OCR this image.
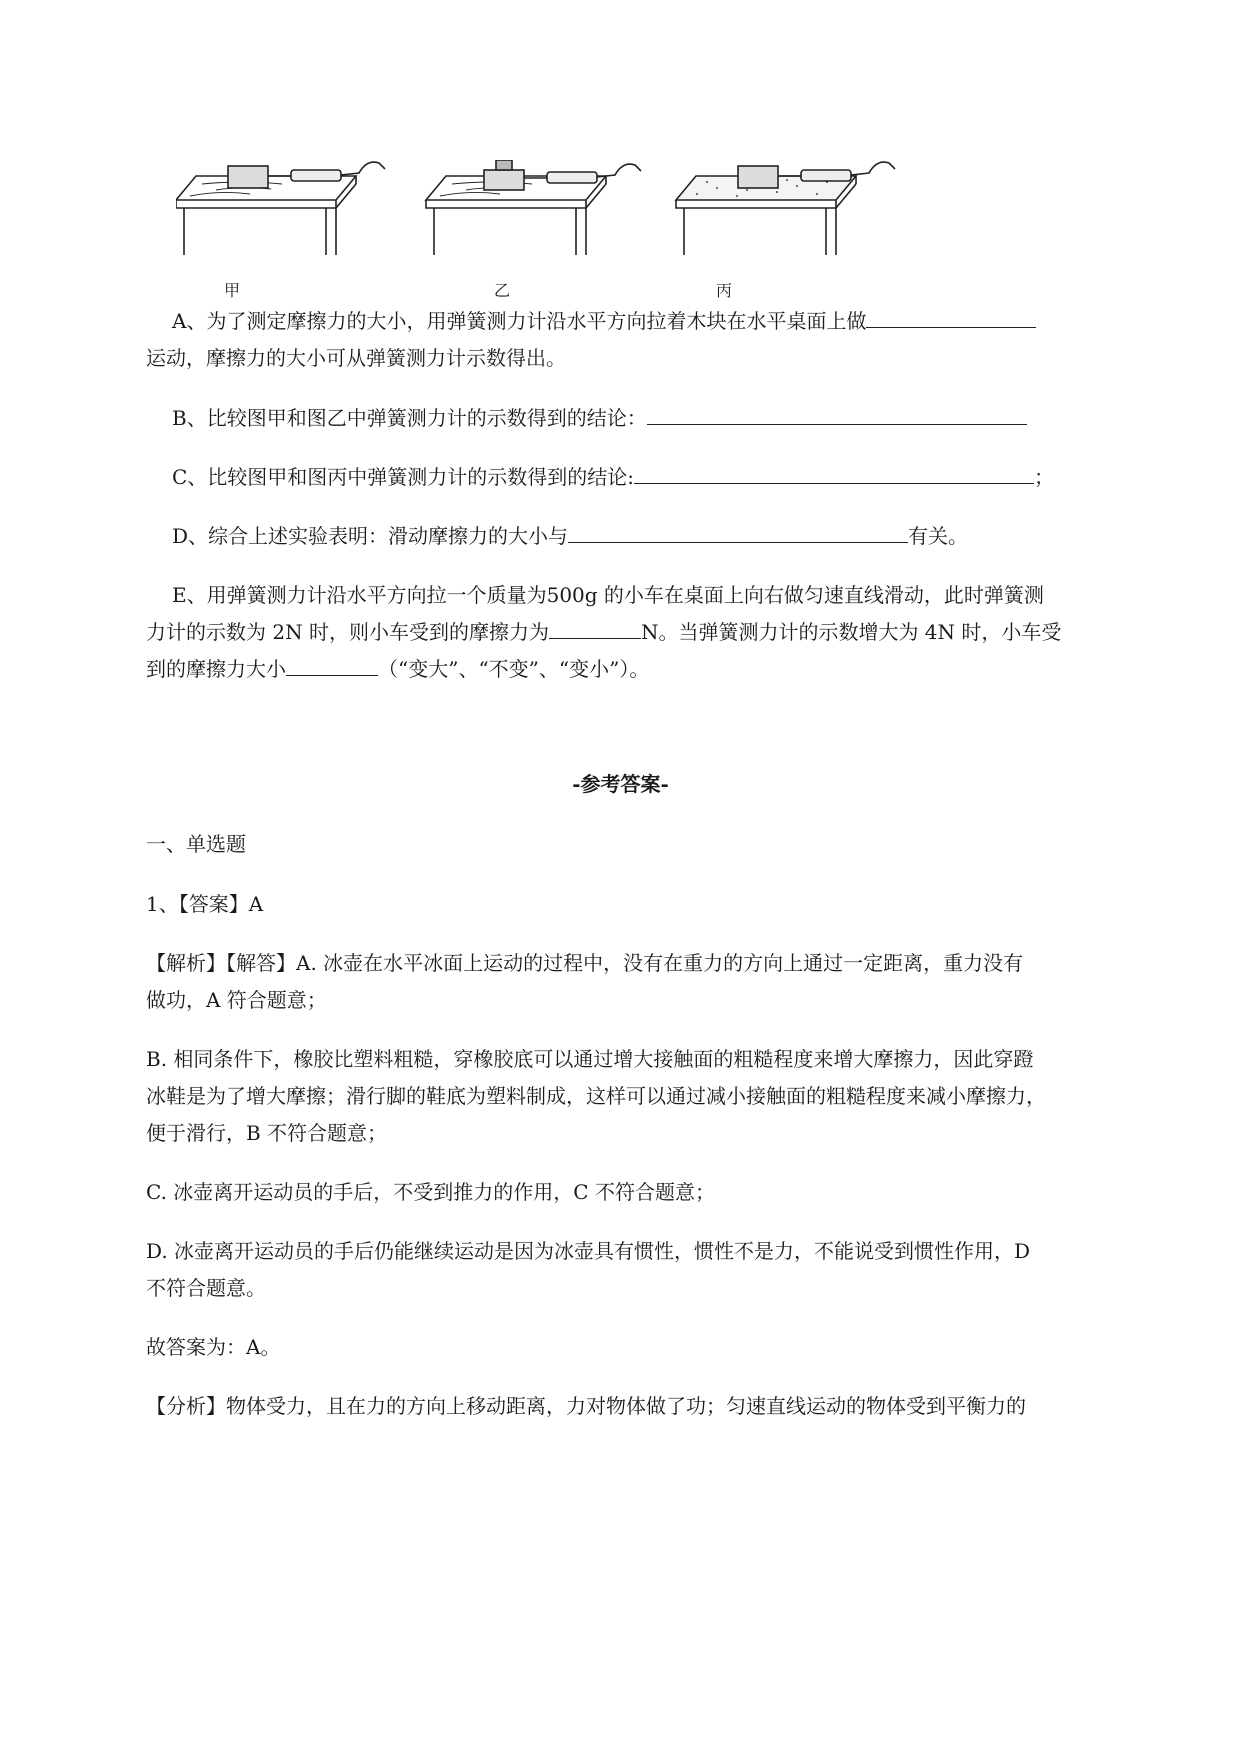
甲	乙	丙
A、为了测定摩擦力的大小，用弹簧测力计沿水平方向拉着木块在水平桌面上做
运动，摩擦力的大小可从弹簧测力计示数得出。
B、比较图甲和图乙中弹簧测力计的示数得到的结论：
C、比较图甲和图丙中弹簧测力计的示数得到的结论:	；
D、综合上述实验表明：滑动摩擦力的大小与	有关。
E、用弹簧测力计沿水平方向拉一个质量为500g 的小车在桌面上向右做匀速直线滑动，此时弹簧测
力计的示数为 2N 时，则小车受到的摩擦力为	N。当弹簧测力计的示数增大为 4N 时，小车受
到的摩擦力大小	（“变大”、“不变”、“变小”）。
-参考答案-
一、单选题
1、【答案】A
【解析】【解答】A. 冰壶在水平冰面上运动的过程中，没有在重力的方向上通过一定距离，重力没有
做功，A 符合题意；
B. 相同条件下，橡胶比塑料粗糙，穿橡胶底可以通过增大接触面的粗糙程度来增大摩擦力，因此穿蹬
冰鞋是为了增大摩擦；滑行脚的鞋底为塑料制成，这样可以通过减小接触面的粗糙程度来减小摩擦力，
便于滑行，B 不符合题意；
C. 冰壶离开运动员的手后，不受到推力的作用，C 不符合题意；
D. 冰壶离开运动员的手后仍能继续运动是因为冰壶具有惯性，惯性不是力，不能说受到惯性作用，D
不符合题意。
故答案为：A。
【分析】物体受力，且在力的方向上移动距离，力对物体做了功；匀速直线运动的物体受到平衡力的
